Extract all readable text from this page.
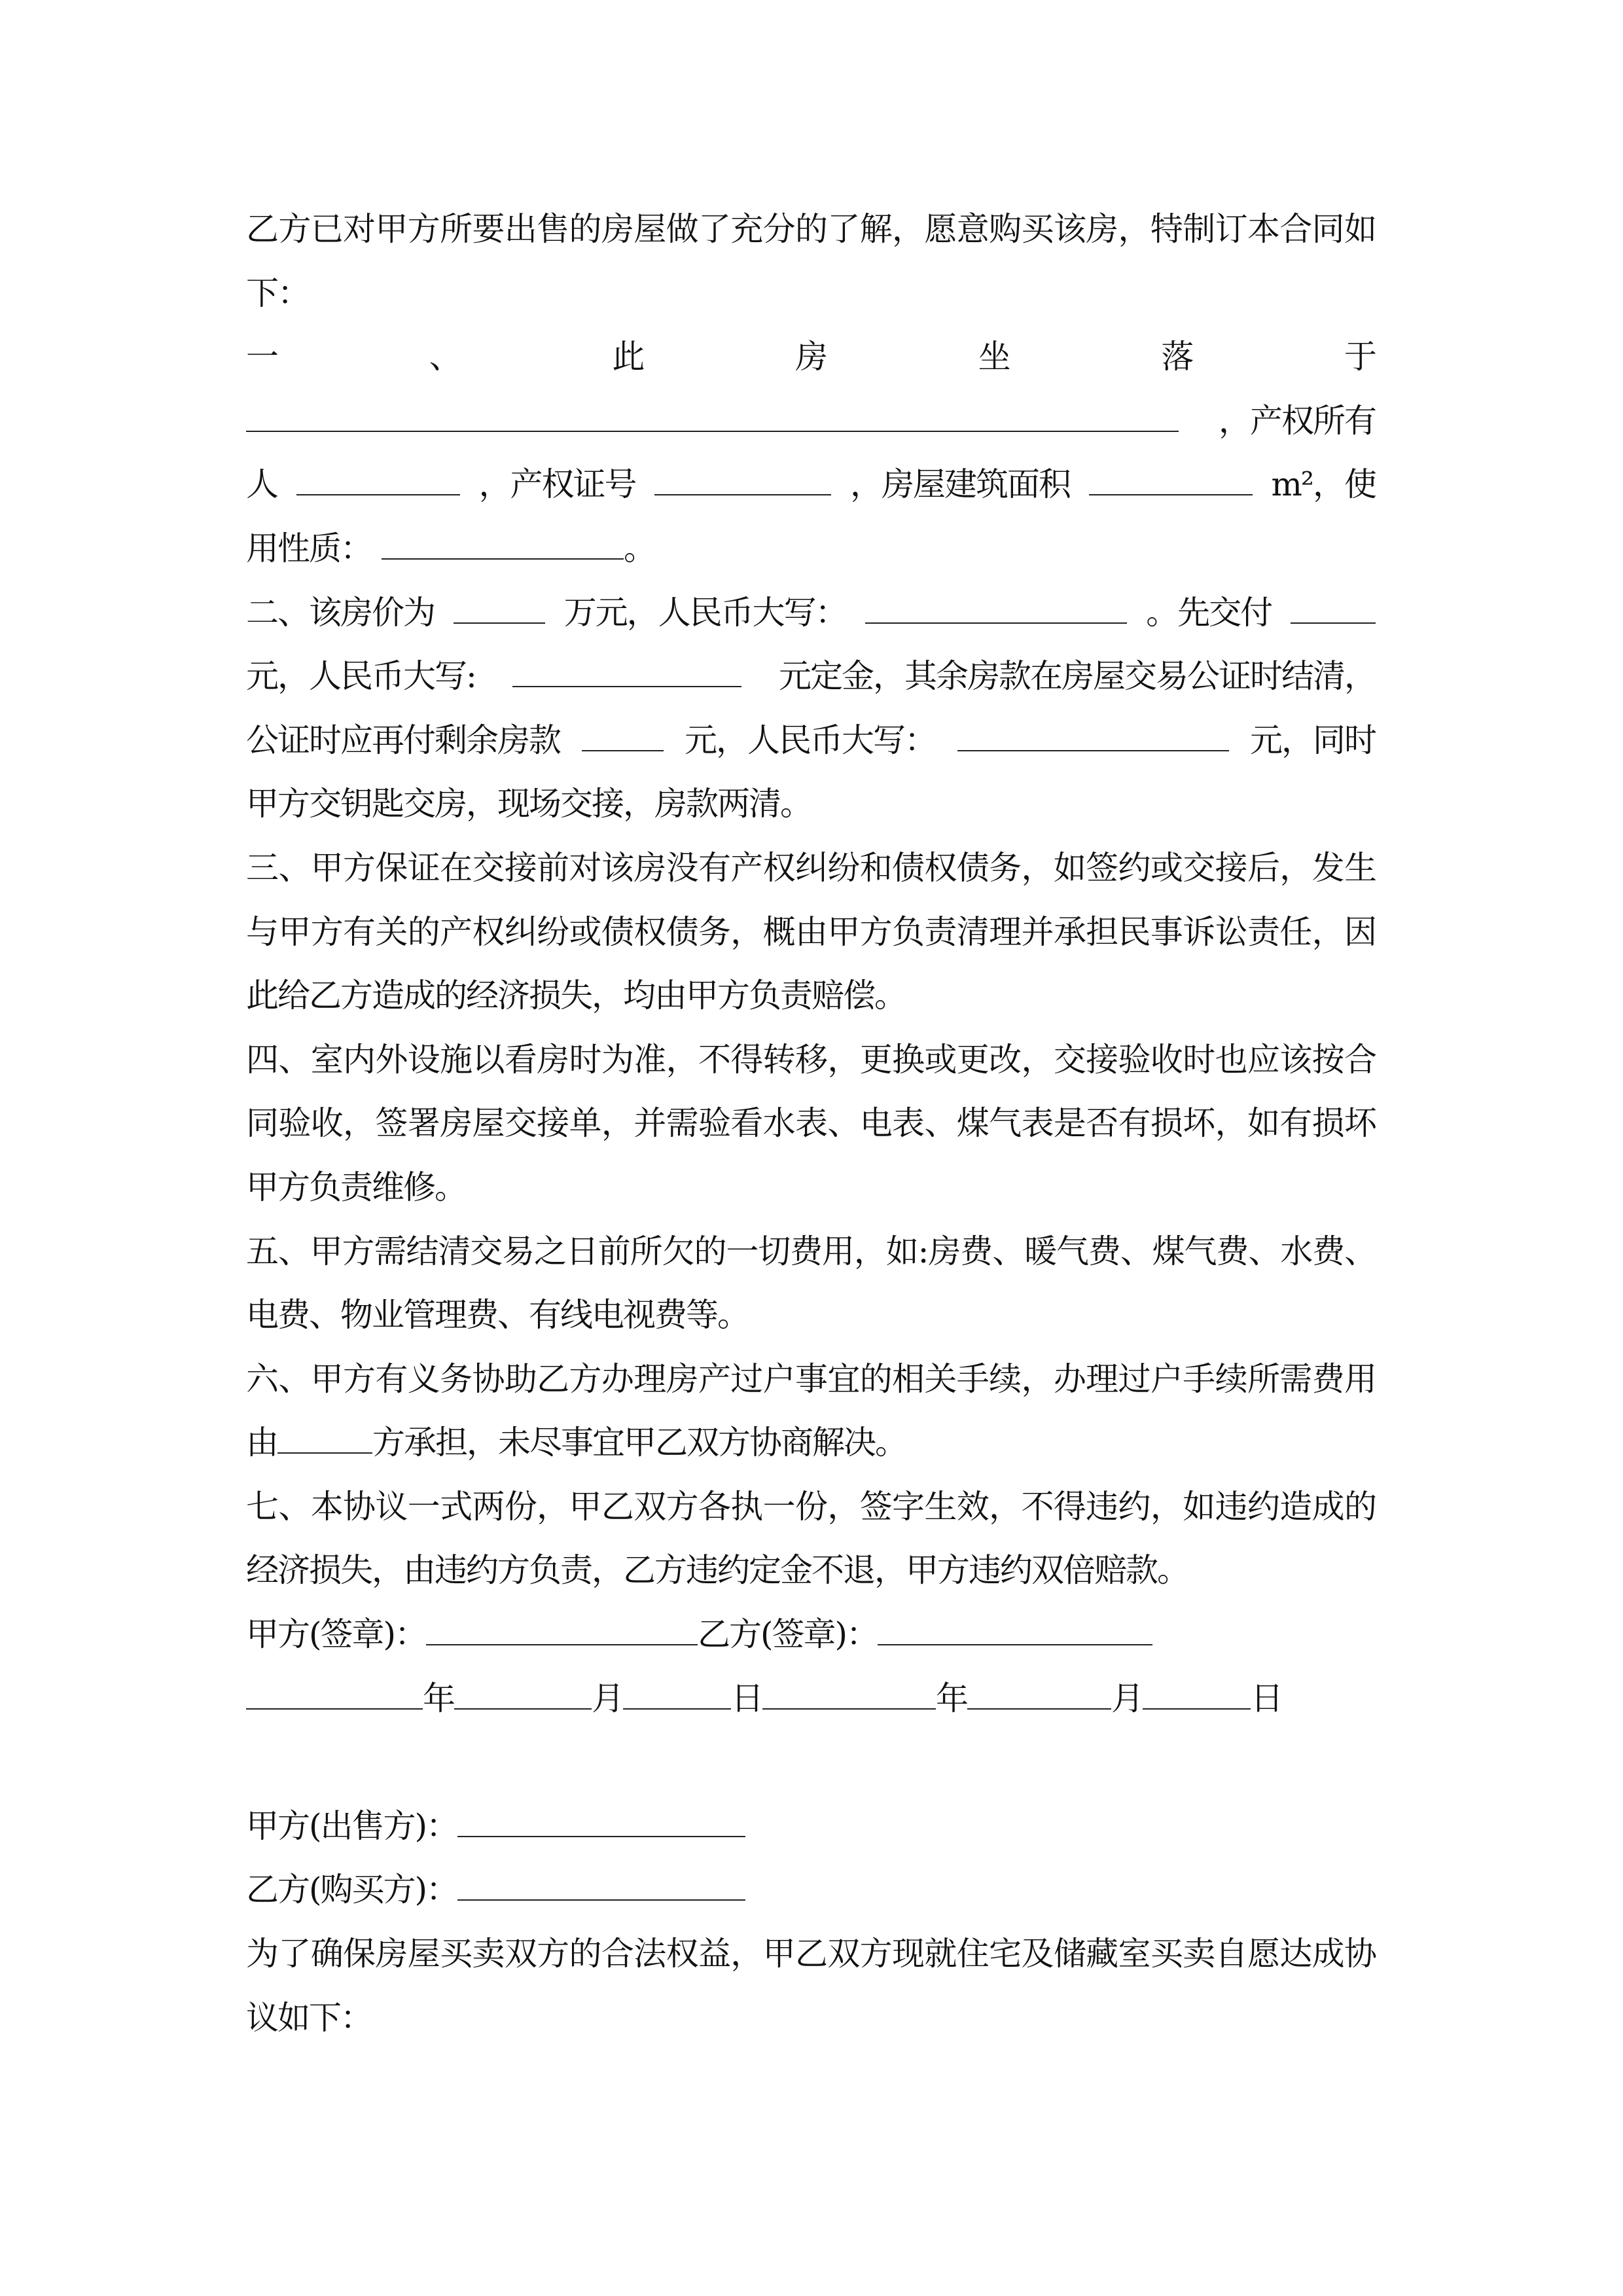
乙方已对甲方所要出售的房屋做了充分的了解，愿意购买该房，特制订本合同如
下：
一、此房坐落于
，产权所有
人	，产权证号	，房屋建筑面积	m²，使
用性质：	。
二、该房价为	万元，人民币大写：	。先交付
元，人民币大写:	元定金，其余房款在房屋交易公证时结清，
公证时应再付剩余房款	元，人民币大写：	元，同时
甲方交钥匙交房，现场交接，房款两清。
三、甲方保证在交接前对该房没有产权纠纷和债权债务，如签约或交接后，发生
与甲方有关的产权纠纷或债权债务，概由甲方负责清理并承担民事诉讼责任，因
此给乙方造成的经济损失，均由甲方负责赔偿。
四、室内外设施以看房时为准，不得转移，更换或更改，交接验收时也应该按合
同验收，签署房屋交接单，并需验看水表、电表、煤气表是否有损坏，如有损坏
甲方负责维修。
五、甲方需结清交易之日前所欠的一切费用，如:房费、暖气费、煤气费、水费、
电费、物业管理费、有线电视费等。
六、甲方有义务协助乙方办理房产过户事宜的相关手续，办理过户手续所需费用
由	方承担，未尽事宜甲乙双方协商解决。
七、本协议一式两份，甲乙双方各执一份，签字生效，不得违约，如违约造成的
经济损失，由违约方负责，乙方违约定金不退，甲方违约双倍赔款。
甲方(签章)：	乙方(签章)：
年	月	日	年	月	日
甲方(出售方)：
乙方(购买方)：
为了确保房屋买卖双方的合法权益，甲乙双方现就住宅及储藏室买卖自愿达成协
议如下：
